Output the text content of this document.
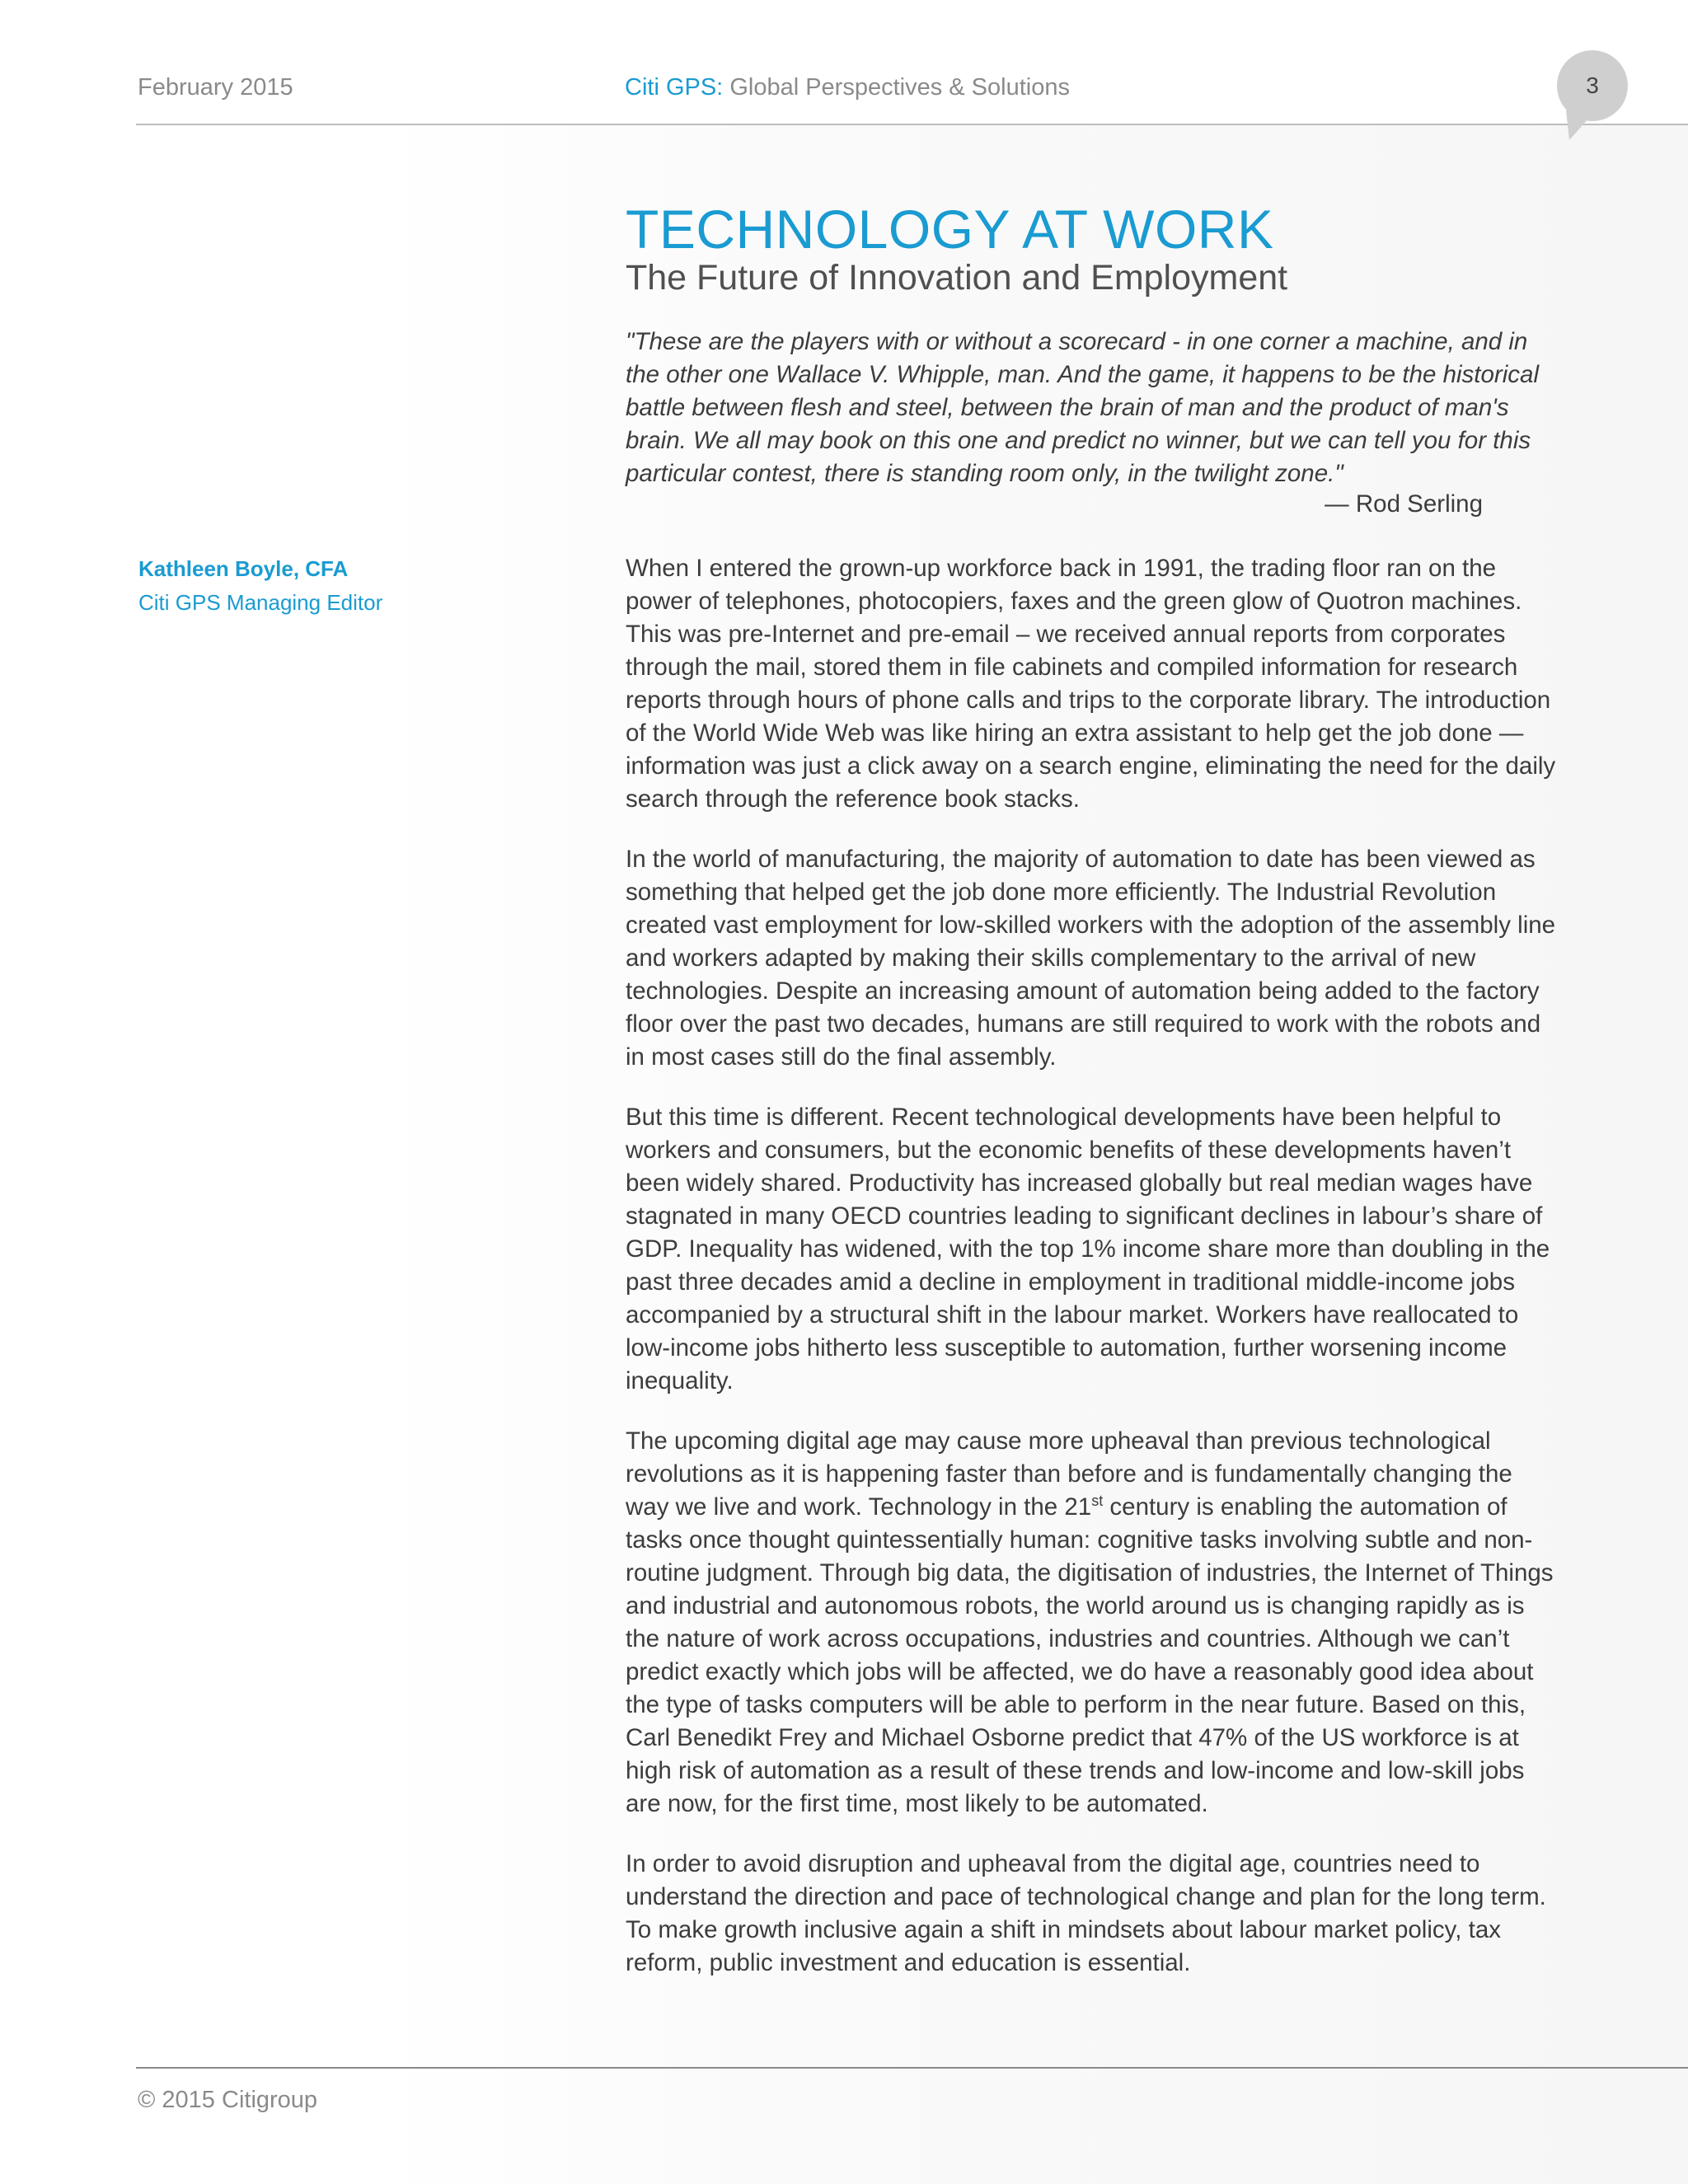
February 2015	Citi GPS: Global Perspectives & Solutions	3
TECHNOLOGY AT WORK
The Future of Innovation and Employment

"These are the players with or without a scorecard - in one corner a machine, and in the other one Wallace V. Whipple, man. And the game, it happens to be the historical battle between flesh and steel, between the brain of man and the product of man's brain. We all may book on this one and predict no winner, but we can tell you for this particular contest, there is standing room only, in the twilight zone."

— Rod Serling
Kathleen Boyle, CFA
Citi GPS Managing Editor

When I entered the grown-up workforce back in 1991, the trading floor ran on the power of telephones, photocopiers, faxes and the green glow of Quotron machines. This was pre-Internet and pre-email – we received annual reports from corporates through the mail, stored them in file cabinets and compiled information for research reports through hours of phone calls and trips to the corporate library. The introduction of the World Wide Web was like hiring an extra assistant to help get the job done — information was just a click away on a search engine, eliminating the need for the daily search through the reference book stacks.

In the world of manufacturing, the majority of automation to date has been viewed as something that helped get the job done more efficiently. The Industrial Revolution created vast employment for low-skilled workers with the adoption of the assembly line and workers adapted by making their skills complementary to the arrival of new technologies. Despite an increasing amount of automation being added to the factory floor over the past two decades, humans are still required to work with the robots and in most cases still do the final assembly.

But this time is different. Recent technological developments have been helpful to workers and consumers, but the economic benefits of these developments haven’t been widely shared. Productivity has increased globally but real median wages have stagnated in many OECD countries leading to significant declines in labour’s share of GDP. Inequality has widened, with the top 1% income share more than doubling in the past three decades amid a decline in employment in traditional middle-income jobs accompanied by a structural shift in the labour market. Workers have reallocated to low-income jobs hitherto less susceptible to automation, further worsening income inequality.

The upcoming digital age may cause more upheaval than previous technological revolutions as it is happening faster than before and is fundamentally changing the way we live and work. Technology in the 21st century is enabling the automation of tasks once thought quintessentially human: cognitive tasks involving subtle and non-routine judgment. Through big data, the digitisation of industries, the Internet of Things and industrial and autonomous robots, the world around us is changing rapidly as is the nature of work across occupations, industries and countries. Although we can’t predict exactly which jobs will be affected, we do have a reasonably good idea about the type of tasks computers will be able to perform in the near future. Based on this, Carl Benedikt Frey and Michael Osborne predict that 47% of the US workforce is at high risk of automation as a result of these trends and low-income and low-skill jobs are now, for the first time, most likely to be automated.

In order to avoid disruption and upheaval from the digital age, countries need to understand the direction and pace of technological change and plan for the long term. To make growth inclusive again a shift in mindsets about labour market policy, tax reform, public investment and education is essential.

© 2015 Citigroup
